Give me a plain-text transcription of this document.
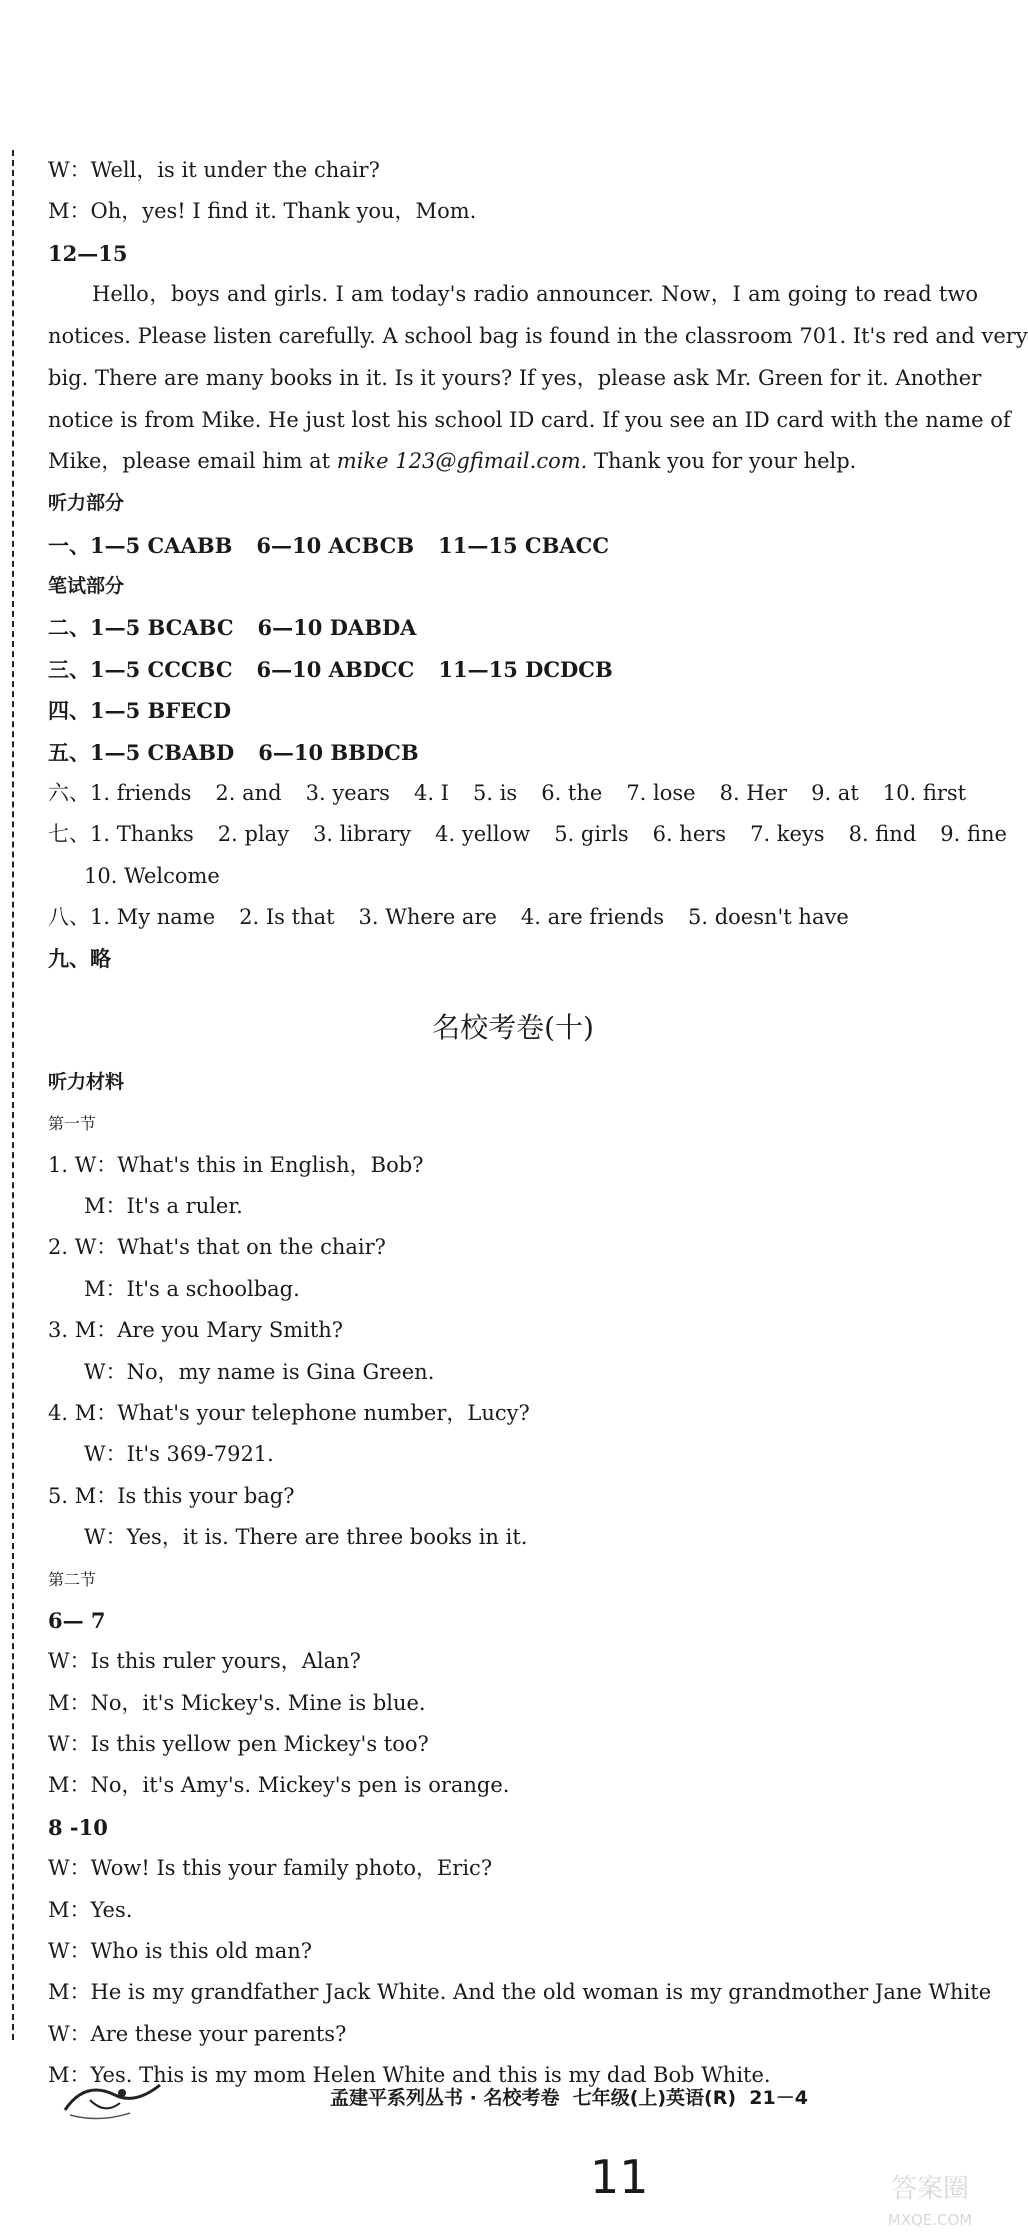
W：Well，is it under the chair?
M：Oh，yes! I find it. Thank you，Mom.
12—15
Hello，boys and girls. I am today's radio announcer. Now，I am going to read two
notices. Please listen carefully. A school bag is found in the classroom 701. It's red and very
big. There are many books in it. Is it yours? If yes，please ask Mr. Green for it. Another
notice is from Mike. He just lost his school ID card. If you see an ID card with the name of
Mike，please email him at mike 123@gfimail.com. Thank you for your help.
听力部分
一、1—5 CAABB 6—10 ACBCB 11—15 CBACC
笔试部分
二、1—5 BCABC 6—10 DABDA
三、1—5 CCCBC 6—10 ABDCC 11—15 DCDCB
四、1—5 BFECD
五、1—5 CBABD 6—10 BBDCB
六、1. friends 2. and 3. years 4. I 5. is 6. the 7. lose 8. Her 9. at 10. first
七、1. Thanks 2. play 3. library 4. yellow 5. girls 6. hers 7. keys 8. find 9. fine
10. Welcome
八、1. My name 2. Is that 3. Where are 4. are friends 5. doesn't have
九、略
名校考卷(十)
听力材料
第一节
1. W：What's this in English，Bob?
M：It's a ruler.
2. W：What's that on the chair?
M：It's a schoolbag.
3. M：Are you Mary Smith?
W：No，my name is Gina Green.
4. M：What's your telephone number，Lucy?
W：It's 369-7921.
5. M：Is this your bag?
W：Yes，it is. There are three books in it.
第二节
6— 7
W：Is this ruler yours，Alan?
M：No，it's Mickey's. Mine is blue.
W：Is this yellow pen Mickey's too?
M：No，it's Amy's. Mickey's pen is orange.
8 -10
W：Wow! Is this your family photo，Eric?
M：Yes.
W：Who is this old man?
M：He is my grandfather Jack White. And the old woman is my grandmother Jane White
W：Are these your parents?
M：Yes. This is my mom Helen White and this is my dad Bob White.
孟建平系列丛书 · 名校考卷 七年级(上)英语(R) 21－4
11	答案圈
MXQE.COM
